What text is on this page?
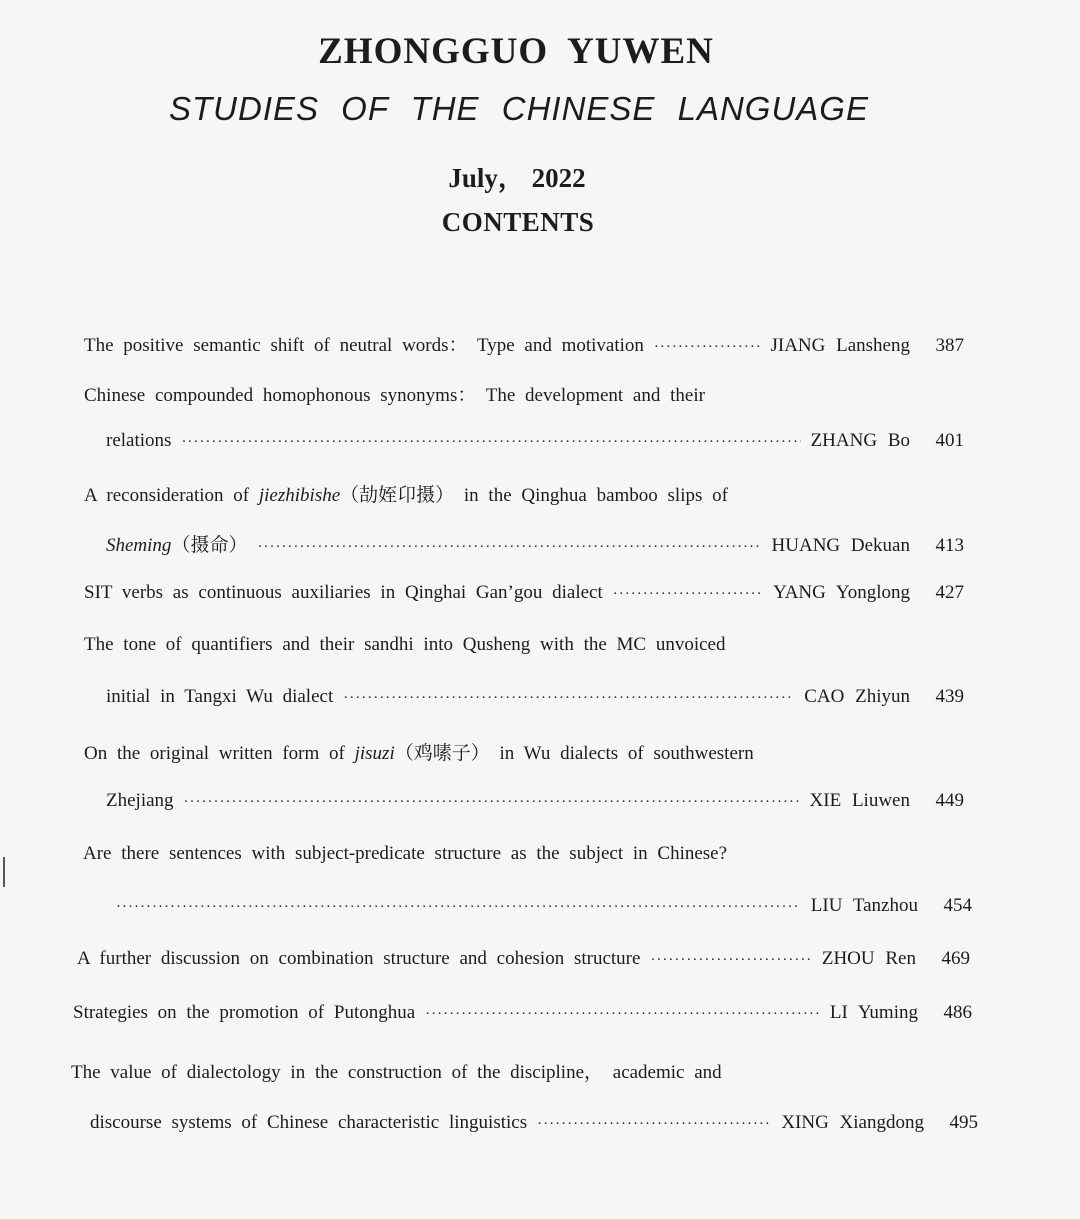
ZHONGGUO YUWEN
STUDIES OF THE CHINESE LANGUAGE
July， 2022
CONTENTS
The positive semantic shift of neutral words： Type and motivation ·····	JIANG Lansheng	387
Chinese compounded homophonous synonyms： The development and their
relations ·····	ZHANG Bo	401
A reconsideration of jiezhibishe（劼姪卬摄） in the Qinghua bamboo slips of
Sheming（摄命） ·····	HUANG Dekuan	413
SIT verbs as continuous auxiliaries in Qinghai Gan’gou dialect ·····	YANG Yonglong	427
The tone of quantifiers and their sandhi into Qusheng with the MC unvoiced
initial in Tangxi Wu dialect ·····	CAO Zhiyun	439
On the original written form of jisuzi（鸡嗉子） in Wu dialects of southwestern
Zhejiang ·····	XIE Liuwen	449
Are there sentences with subject-predicate structure as the subject in Chinese?
·····
LIU Tanzhou	454
A further discussion on combination structure and cohesion structure ·····	ZHOU Ren	469
Strategies on the promotion of Putonghua ·····	LI Yuming	486
The value of dialectology in the construction of the discipline， academic and
discourse systems of Chinese characteristic linguistics ·····	XING Xiangdong	495
